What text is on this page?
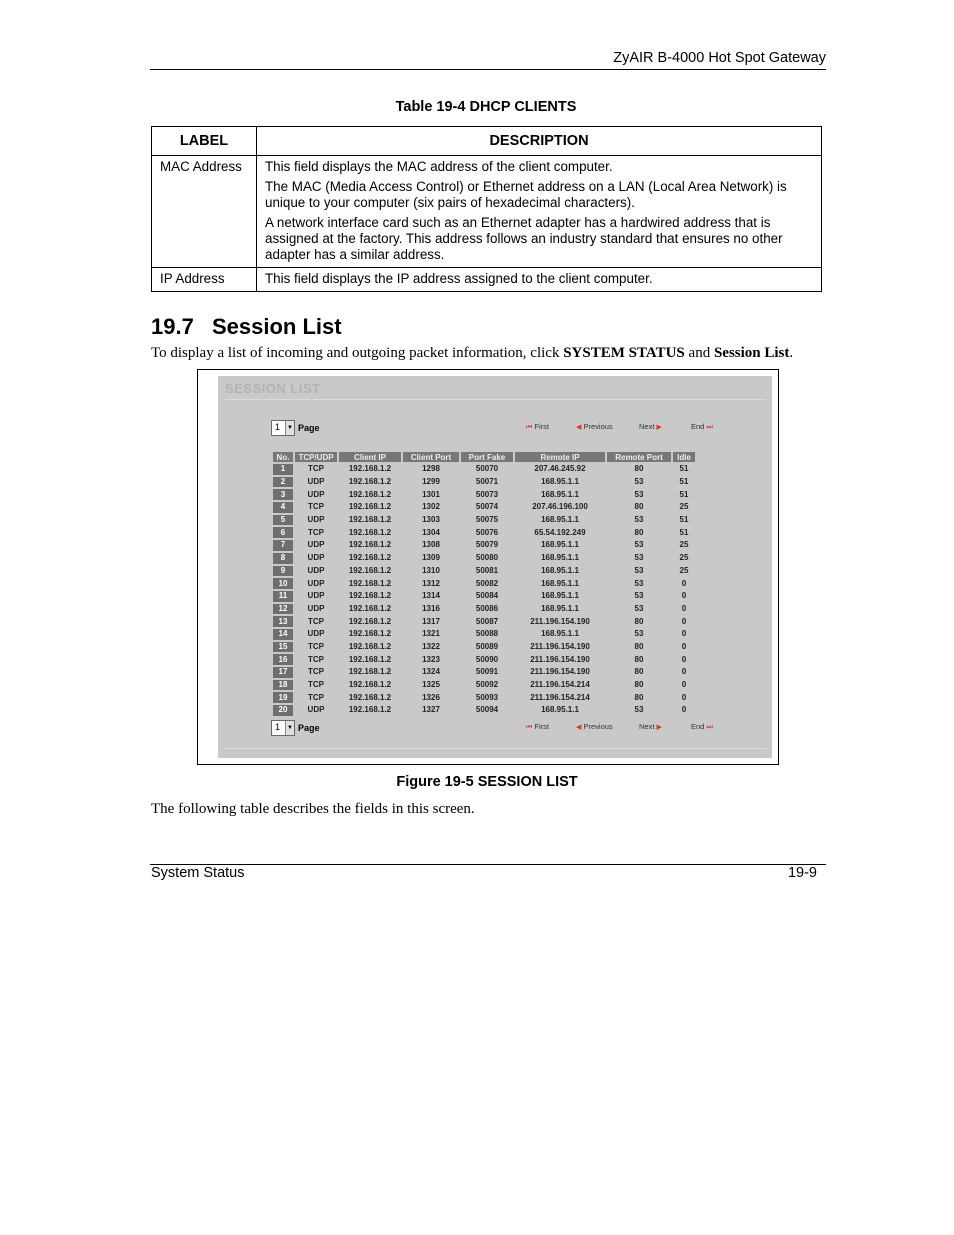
ZyAIR B-4000 Hot Spot Gateway
Table 19-4 DHCP CLIENTS
LABEL	DESCRIPTION
MAC Address	This field displays the MAC address of the client computer.

The MAC (Media Access Control) or Ethernet address on a LAN (Local Area Network) is unique to your computer (six pairs of hexadecimal characters).

A network interface card such as an Ethernet adapter has a hardwired address that is assigned at the factory. This address follows an industry standard that ensures no other adapter has a similar address.

IP Address	This field displays the IP address assigned to the client computer.

19.7 Session List
To display a list of incoming and outgoing packet information, click SYSTEM STATUS and Session List.
SESSION LIST
1	▼ Page	⏮ First	◀ Previous	Next ▶	End ⏭
No.	TCP/UDP	Client IP	Client Port	Port Fake	Remote IP	Remote Port	Idle
1	TCP	192.168.1.2	1298	50070	207.46.245.92	80	51
2	UDP	192.168.1.2	1299	50071	168.95.1.1	53	51
3	UDP	192.168.1.2	1301	50073	168.95.1.1	53	51
4	TCP	192.168.1.2	1302	50074	207.46.196.100	80	25
5	UDP	192.168.1.2	1303	50075	168.95.1.1	53	51
6	TCP	192.168.1.2	1304	50076	65.54.192.249	80	51
7	UDP	192.168.1.2	1308	50079	168.95.1.1	53	25
8	UDP	192.168.1.2	1309	50080	168.95.1.1	53	25
9	UDP	192.168.1.2	1310	50081	168.95.1.1	53	25
10	UDP	192.168.1.2	1312	50082	168.95.1.1	53	0
11	UDP	192.168.1.2	1314	50084	168.95.1.1	53	0
12	UDP	192.168.1.2	1316	50086	168.95.1.1	53	0
13	TCP	192.168.1.2	1317	50087	211.196.154.190	80	0
14	UDP	192.168.1.2	1321	50088	168.95.1.1	53	0
15	TCP	192.168.1.2	1322	50089	211.196.154.190	80	0
16	TCP	192.168.1.2	1323	50090	211.196.154.190	80	0
17	TCP	192.168.1.2	1324	50091	211.196.154.190	80	0
18	TCP	192.168.1.2	1325	50092	211.196.154.214	80	0
19	TCP	192.168.1.2	1326	50093	211.196.154.214	80	0
20	UDP	192.168.1.2	1327	50094	168.95.1.1	53	0
1	▼ Page	⏮ First	◀ Previous	Next ▶	End ⏭
Figure 19-5 SESSION LIST
The following table describes the fields in this screen.
System Status	19-9
